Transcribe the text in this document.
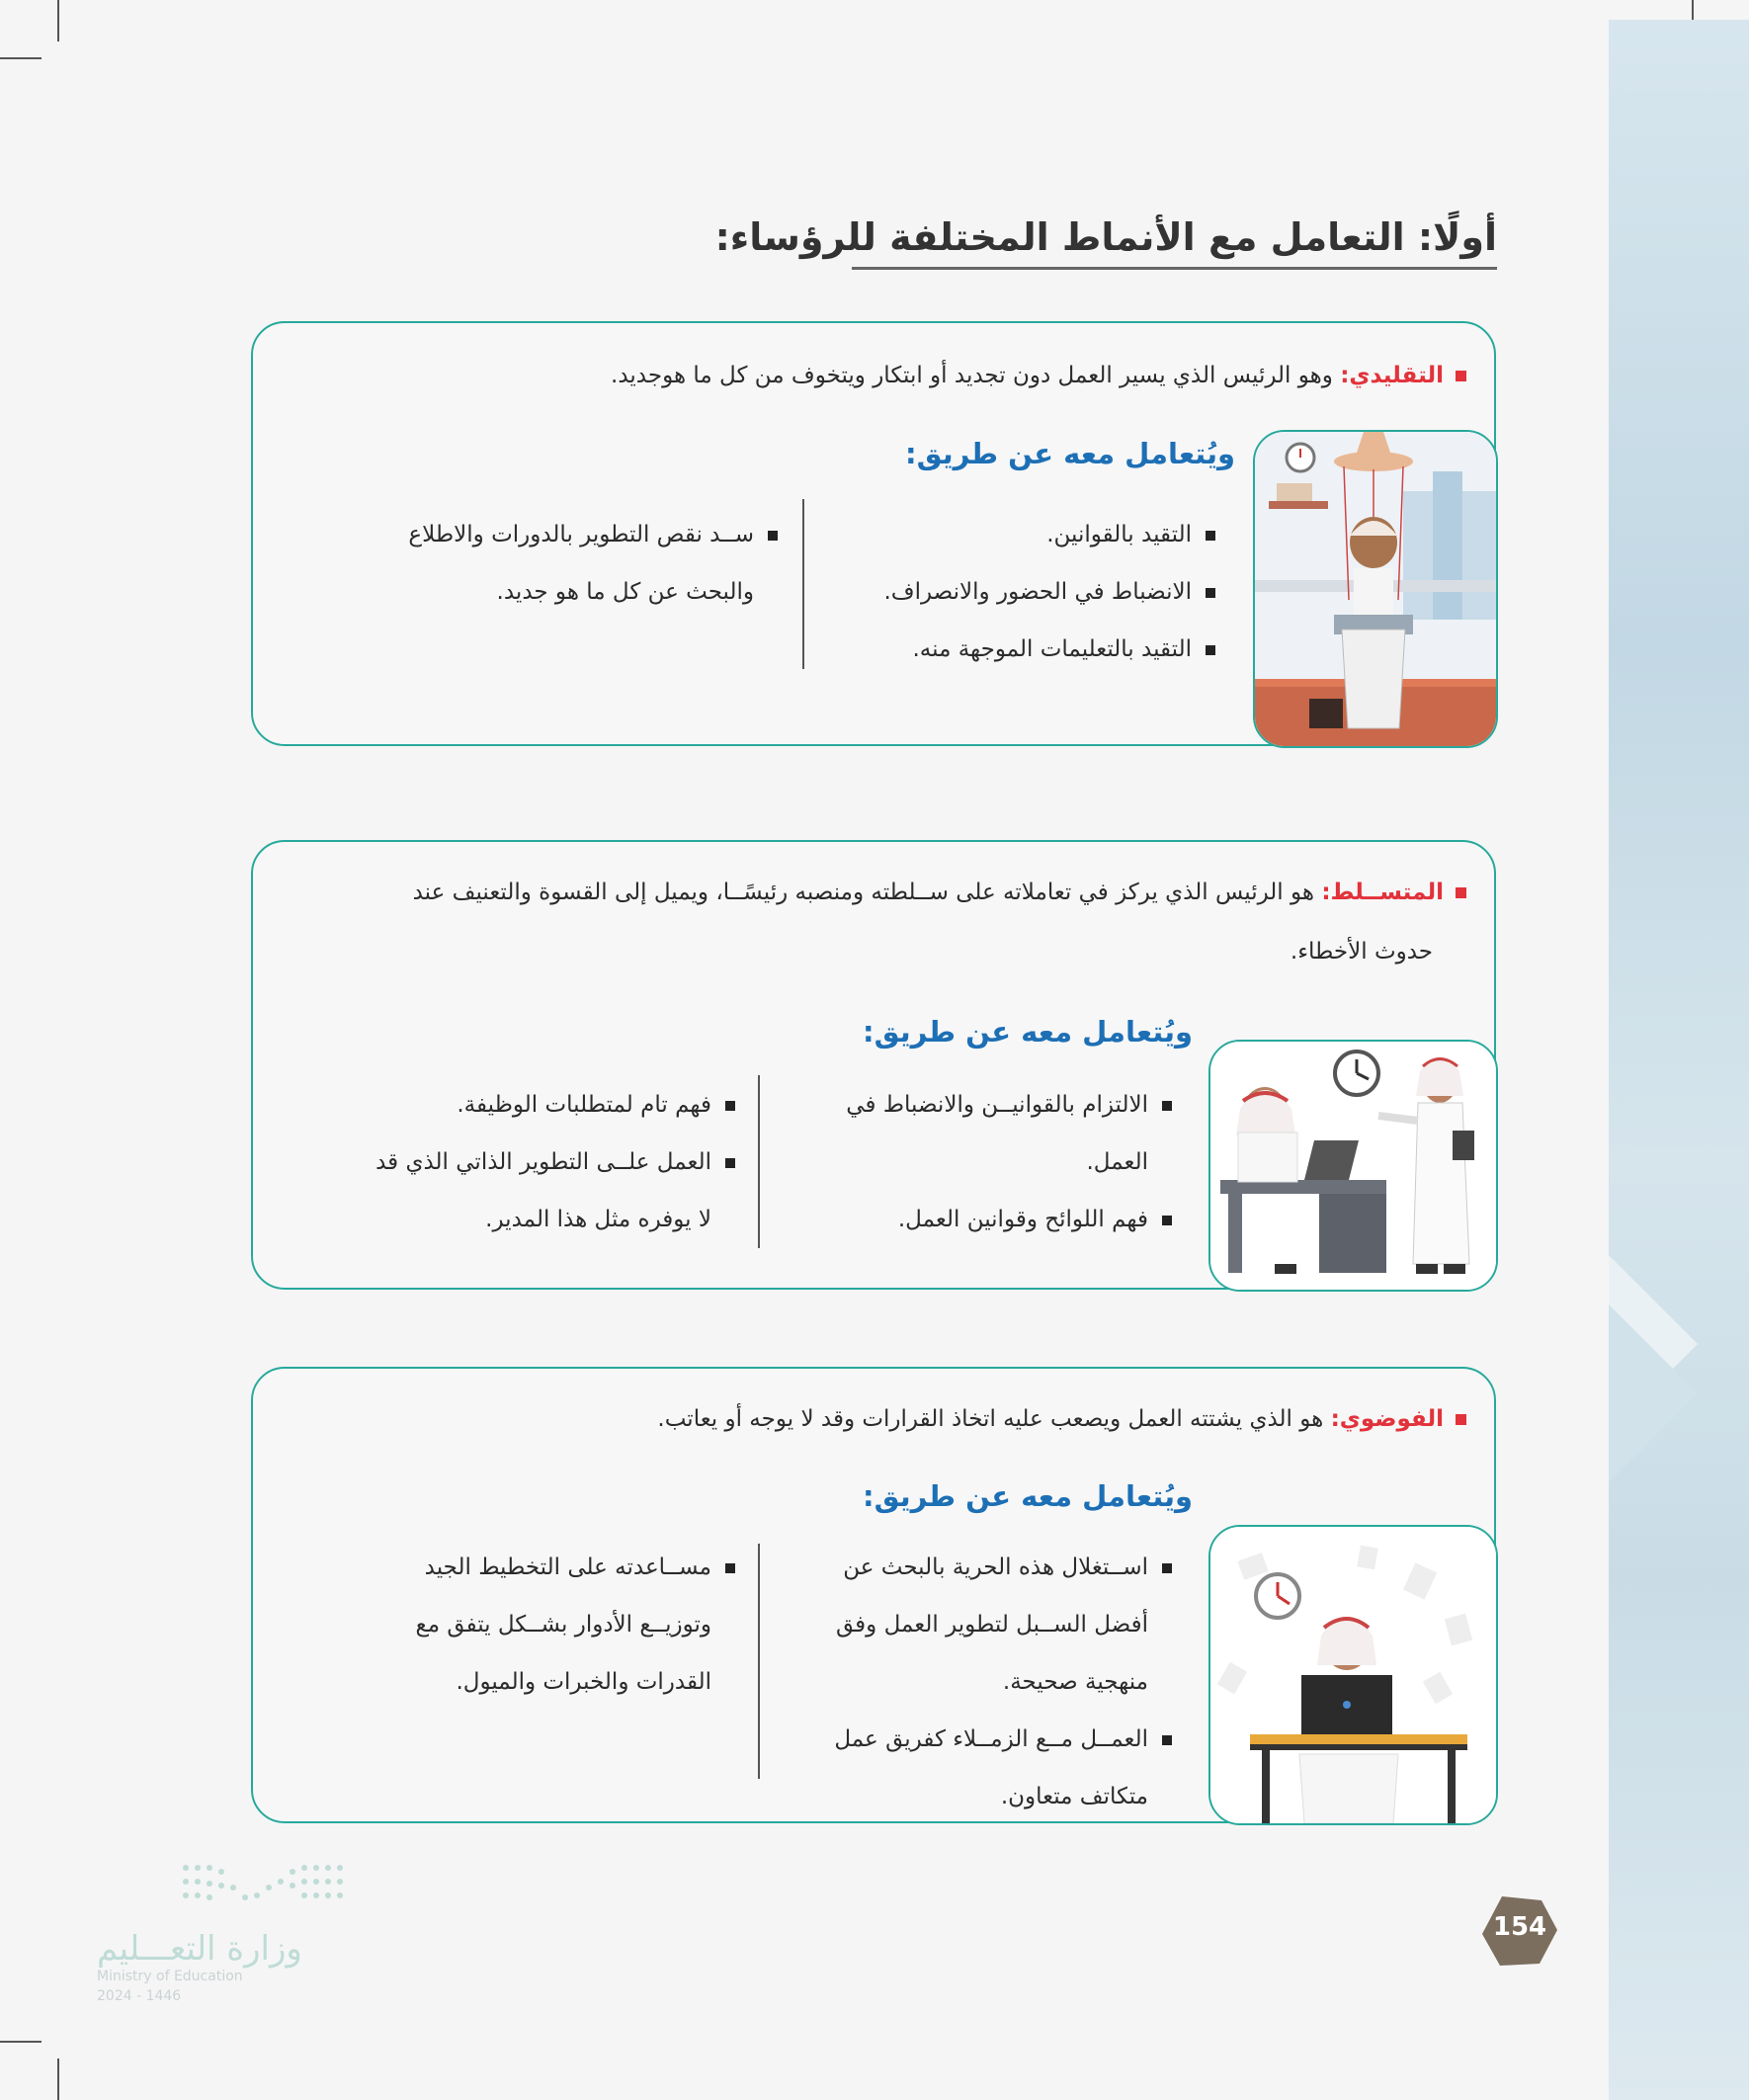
أولًا: التعامل مع الأنماط المختلفة للرؤساء:
التقليدي: وهو الرئيس الذي يسير العمل دون تجديد أو ابتكار ويتخوف من كل ما هوجديد.
ويُتعامل معه عن طريق:

التقيد بالقوانين.

الانضباط في الحضور والانصراف.

التقيد بالتعليمات الموجهة منه.

ســد نقص التطوير بالدورات والاطلاع

والبحث عن كل ما هو جديد.

المتســلط: هو الرئيس الذي يركز في تعاملاته على ســلطته ومنصبه رئيسًــا، ويميل إلى القسوة والتعنيف عند
حدوث الأخطاء.
ويُتعامل معه عن طريق:

الالتزام بالقوانيــن والانضباط في

العمل.

فهم اللوائح وقوانين العمل.

فهم تام لمتطلبات الوظيفة.

العمل علــى التطوير الذاتي الذي قد

لا يوفره مثل هذا المدير.

الفوضوي: هو الذي يشتته العمل ويصعب عليه اتخاذ القرارات وقد لا يوجه أو يعاتب.
ويُتعامل معه عن طريق:

اســتغلال هذه الحرية بالبحث عن

أفضل الســبل لتطوير العمل وفق

منهجية صحيحة.

العمــل مــع الزمــلاء كفريق عمل

متكاتف متعاون.

مســاعدته على التخطيط الجيد

وتوزيــع الأدوار بشــكل يتفق مع

القدرات والخبرات والميول.

وزارة التعـــليم
Ministry of Education
2024 - 1446
154
